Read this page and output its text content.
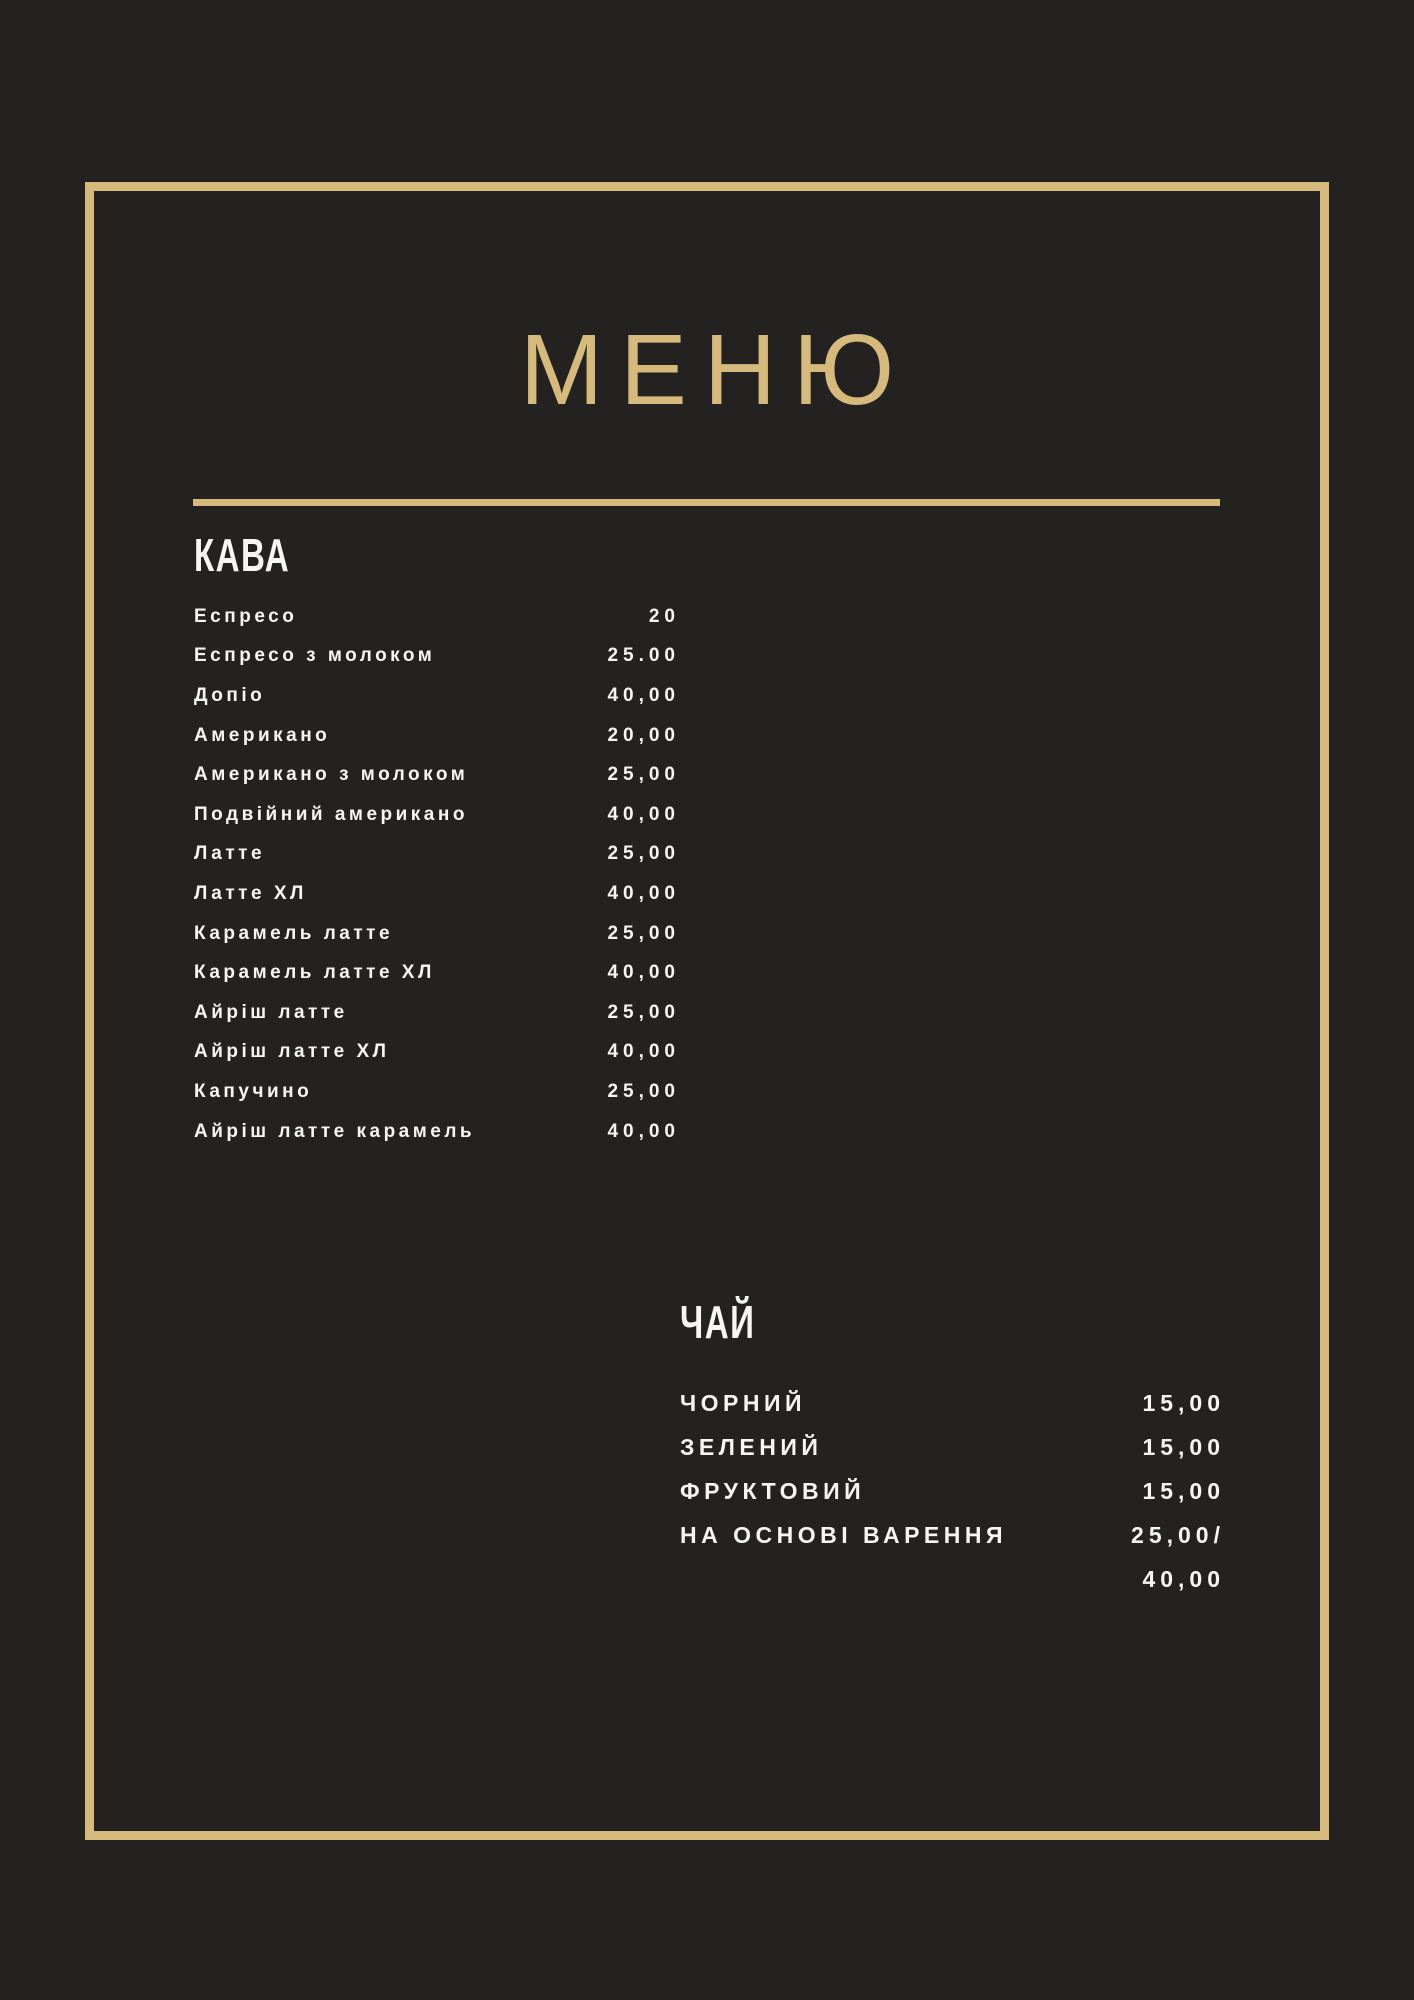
МЕНЮ
КАВА
Еспресо	20
Еспресо з молоком	25.00
Допіо	40,00
Американо	20,00
Американо з молоком	25,00
Подвійний американо	40,00
Латте	25,00
Латте ХЛ	40,00
Карамель латте	25,00
Карамель латте ХЛ	40,00
Айріш латте	25,00
Айріш латте ХЛ	40,00
Капучино	25,00
Айріш латте карамель	40,00
ЧАЙ
ЧОРНИЙ	15,00
ЗЕЛЕНИЙ	15,00
ФРУКТОВИЙ	15,00
НА ОСНОВІ ВАРЕННЯ	25,00/
40,00
